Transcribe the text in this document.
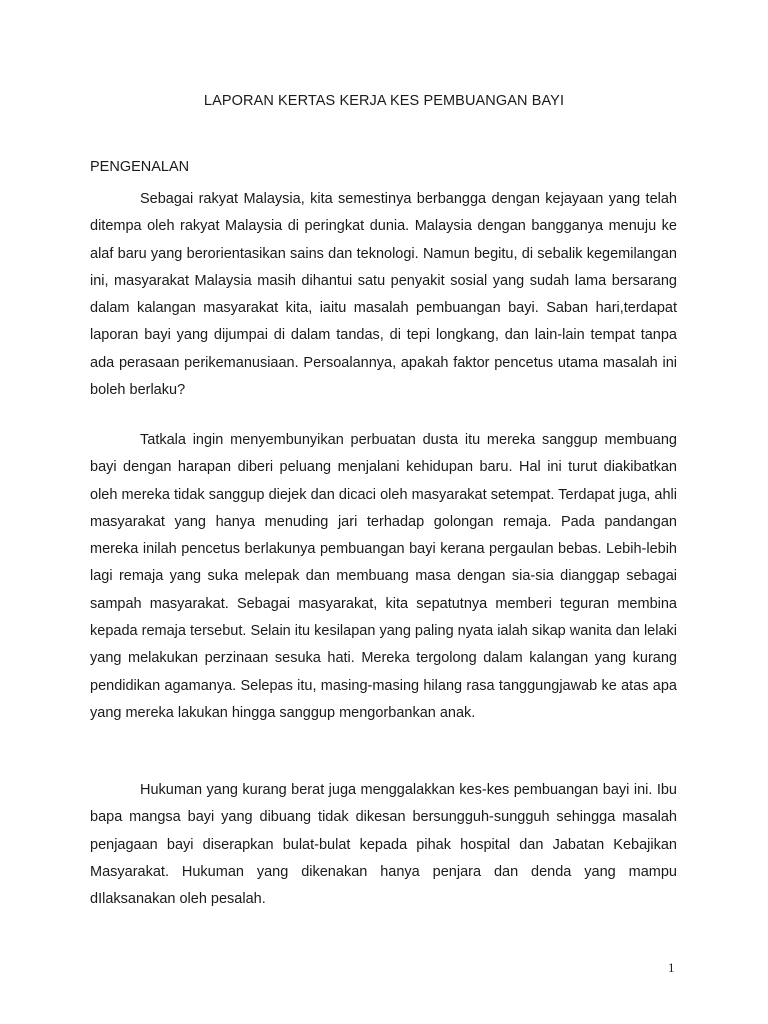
LAPORAN KERTAS KERJA KES PEMBUANGAN BAYI
PENGENALAN

Sebagai rakyat Malaysia, kita semestinya berbangga dengan kejayaan yang telah ditempa oleh rakyat Malaysia di peringkat dunia. Malaysia dengan bangganya menuju ke alaf baru yang berorientasikan sains dan teknologi. Namun begitu, di sebalik kegemilangan ini, masyarakat Malaysia masih dihantui satu penyakit sosial yang sudah lama bersarang dalam kalangan masyarakat kita, iaitu masalah pembuangan bayi. Saban hari,terdapat laporan bayi yang dijumpai di dalam tandas, di tepi longkang, dan lain-lain tempat tanpa ada perasaan perikemanusiaan. Persoalannya, apakah faktor pencetus utama masalah ini boleh berlaku?

Tatkala ingin menyembunyikan perbuatan dusta itu mereka sanggup membuang bayi dengan harapan diberi peluang menjalani kehidupan baru. Hal ini turut diakibatkan oleh mereka tidak sanggup diejek dan dicaci oleh masyarakat setempat. Terdapat juga, ahli masyarakat yang hanya menuding jari terhadap golongan remaja. Pada pandangan mereka inilah pencetus berlakunya pembuangan bayi kerana pergaulan bebas. Lebih-lebih lagi remaja yang suka melepak dan membuang masa dengan sia-sia dianggap sebagai sampah masyarakat. Sebagai masyarakat, kita sepatutnya memberi teguran membina kepada remaja tersebut. Selain itu kesilapan yang paling nyata ialah sikap wanita dan lelaki yang melakukan perzinaan sesuka hati. Mereka tergolong dalam kalangan yang kurang pendidikan agamanya. Selepas itu, masing-masing hilang rasa tanggungjawab ke atas apa yang mereka lakukan hingga sanggup mengorbankan anak.

Hukuman yang kurang berat juga menggalakkan kes-kes pembuangan bayi ini. Ibu bapa mangsa bayi yang dibuang tidak dikesan bersungguh-sungguh sehingga masalah penjagaan bayi diserapkan bulat-bulat kepada pihak hospital dan Jabatan Kebajikan Masyarakat. Hukuman yang dikenakan hanya penjara dan denda yang mampu dIlaksanakan oleh pesalah.

1
